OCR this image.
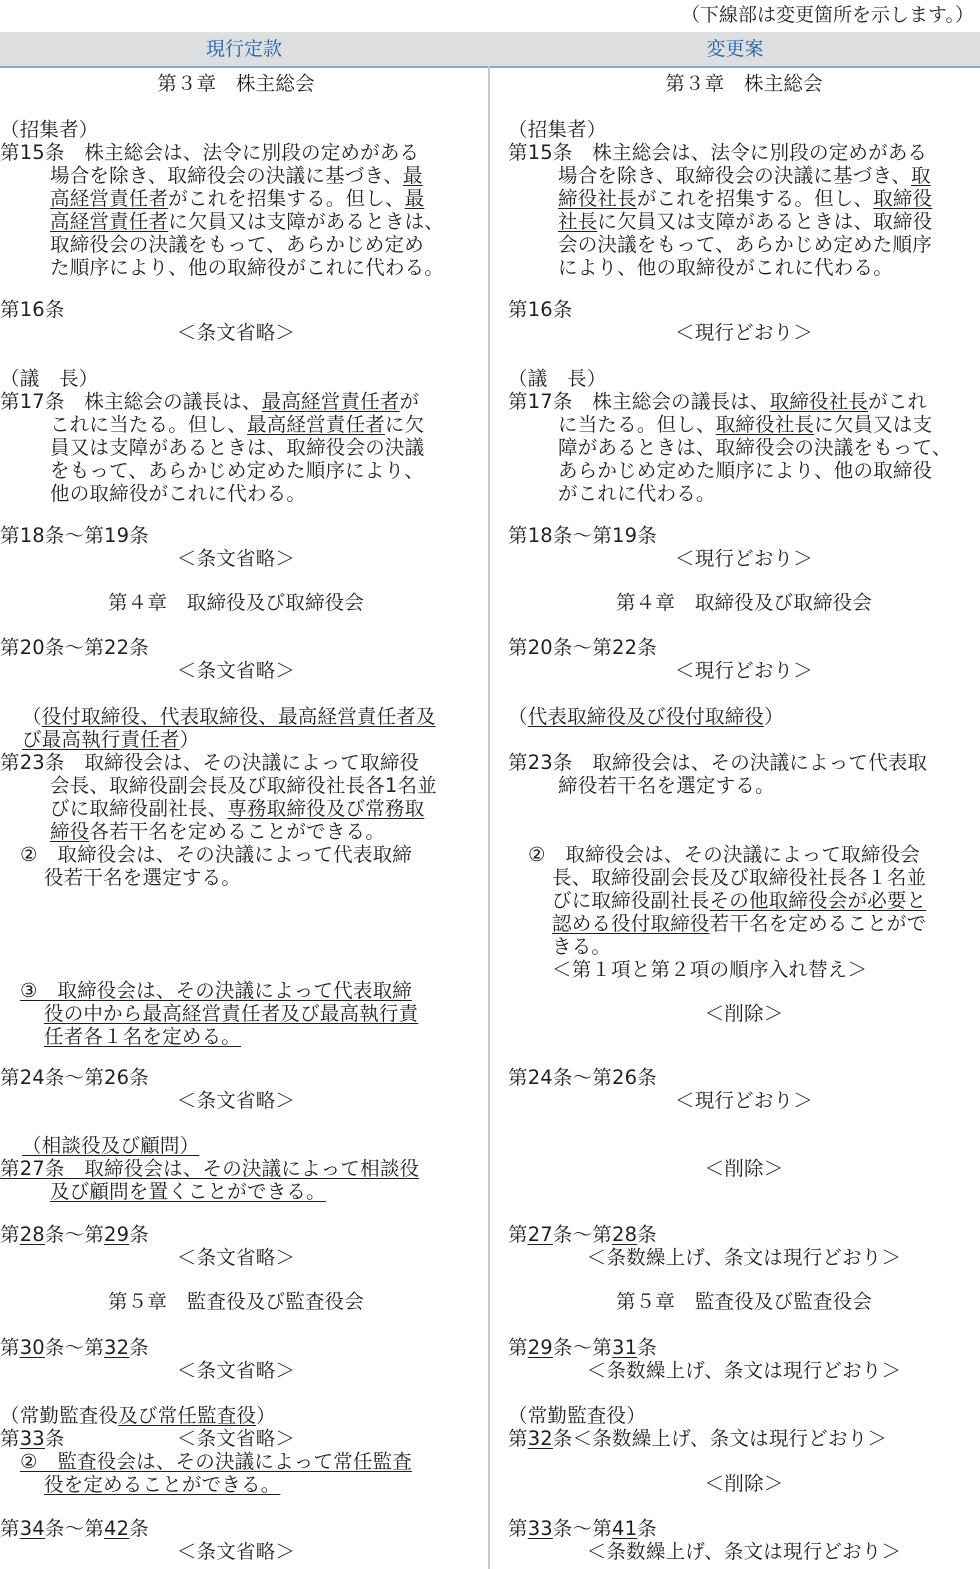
（下線部は変更箇所を示します。）
現行定款	変更案
第３章　株主総会
（招集者）
第15条　株主総会は、法令に別段の定めがある
場合を除き、取締役会の決議に基づき、最
高経営責任者がこれを招集する。但し、最
高経営責任者に欠員又は支障があるときは、
取締役会の決議をもって、あらかじめ定め
た順序により、他の取締役がこれに代わる。
第16条
＜条文省略＞
（議　長）
第17条　株主総会の議長は、最高経営責任者が
これに当たる。但し、最高経営責任者に欠
員又は支障があるときは、取締役会の決議
をもって、あらかじめ定めた順序により、
他の取締役がこれに代わる。
第18条～第19条
＜条文省略＞
第４章　取締役及び取締役会
第20条～第22条
＜条文省略＞
（役付取締役、代表取締役、最高経営責任者及
び最高執行責任者）
第23条　取締役会は、その決議によって取締役
会長、取締役副会長及び取締役社長各1名並
びに取締役副社長、専務取締役及び常務取
締役各若干名を定めることができる。
②　取締役会は、その決議によって代表取締
役若干名を選定する。
③　取締役会は、その決議によって代表取締
役の中から最高経営責任者及び最高執行責
任者各１名を定める。
第24条～第26条
＜条文省略＞
（相談役及び顧問）
第27条　取締役会は、その決議によって相談役
及び顧問を置くことができる。
第28条～第29条
＜条文省略＞
第５章　監査役及び監査役会
第30条～第32条
＜条文省略＞
（常勤監査役及び常任監査役）
第33条	＜条文省略＞
②　監査役会は、その決議によって常任監査
役を定めることができる。
第34条～第42条
＜条文省略＞
第３章　株主総会
（招集者）
第15条　株主総会は、法令に別段の定めがある
場合を除き、取締役会の決議に基づき、取
締役社長がこれを招集する。但し、取締役
社長に欠員又は支障があるときは、取締役
会の決議をもって、あらかじめ定めた順序
により、他の取締役がこれに代わる。
第16条
＜現行どおり＞
（議　長）
第17条　株主総会の議長は、取締役社長がこれ
に当たる。但し、取締役社長に欠員又は支
障があるときは、取締役会の決議をもって、
あらかじめ定めた順序により、他の取締役
がこれに代わる。
第18条～第19条
＜現行どおり＞
第４章　取締役及び取締役会
第20条～第22条
＜現行どおり＞
（代表取締役及び役付取締役）
第23条　取締役会は、その決議によって代表取
締役若干名を選定する。
②　取締役会は、その決議によって取締役会
長、取締役副会長及び取締役社長各１名並
びに取締役副社長その他取締役会が必要と
認める役付取締役若干名を定めることがで
きる。
＜第１項と第２項の順序入れ替え＞
＜削除＞
第24条～第26条
＜現行どおり＞
＜削除＞
第27条～第28条
＜条数繰上げ、条文は現行どおり＞
第５章　監査役及び監査役会
第29条～第31条
＜条数繰上げ、条文は現行どおり＞
（常勤監査役）
第32条＜条数繰上げ、条文は現行どおり＞
＜削除＞
第33条～第41条
＜条数繰上げ、条文は現行どおり＞
